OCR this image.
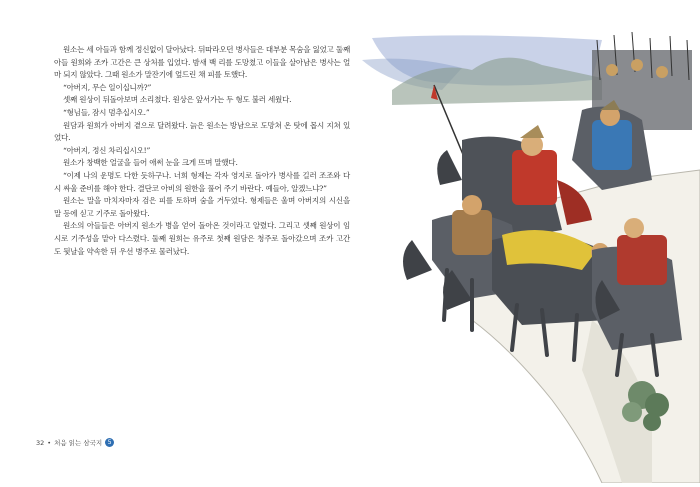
원소는 세 아들과 함께 정신없이 달아났다. 뒤따라오던 병사들은 대부분 목숨을 잃었고 둘째 아들 원희와 조카 고간은 큰 상처를 입었다. 밤새 백 리를 도망쳤고 이들을 살아남은 병사는 얼마 되지 않았다. 그때 원소가 말잔기에 엎드린 채 피를 토했다.

“아버지, 무슨 일이십니까?”

셋째 원상이 뒤돌아보며 소리쳤다. 원상은 앞서가는 두 형도 불러 세웠다.

“형님들, 잠시 멈추십시오.”

원담과 원희가 아버지 곁으로 달려왔다. 늙은 원소는 방남으로 도망쳐 온 탓에 몹시 지쳐 있었다.

“아버지, 정신 차리십시오!”

원소가 창백한 얼굴을 들어 애써 눈을 크게 뜨며 말했다.

“이제 나의 운명도 다한 듯하구나. 너희 형제는 각자 영지로 돌아가 병사를 길러 조조와 다시 싸울 준비를 해야 한다. 결단코 아비의 원한을 풀어 주기 바란다. 예들아, 알겠느냐?”

원소는 말을 마치자마자 검은 피를 토하며 숨을 거두었다. 형제들은 울며 아버지의 시신을 말 등에 싣고 기주로 돌아왔다.

원소의 아들들은 아버지 원소가 병을 얻어 돌아온 것이라고 알렸다. 그리고 셋째 원상이 임시로 기주성을 맡아 다스렸다. 둘째 원희는 유주로 첫째 원담은 청주로 돌아갔으며 조카 고간도 뒷날을 약속한 뒤 우선 병주로 물러났다.

32 • 처음 읽는 삼국지 5
